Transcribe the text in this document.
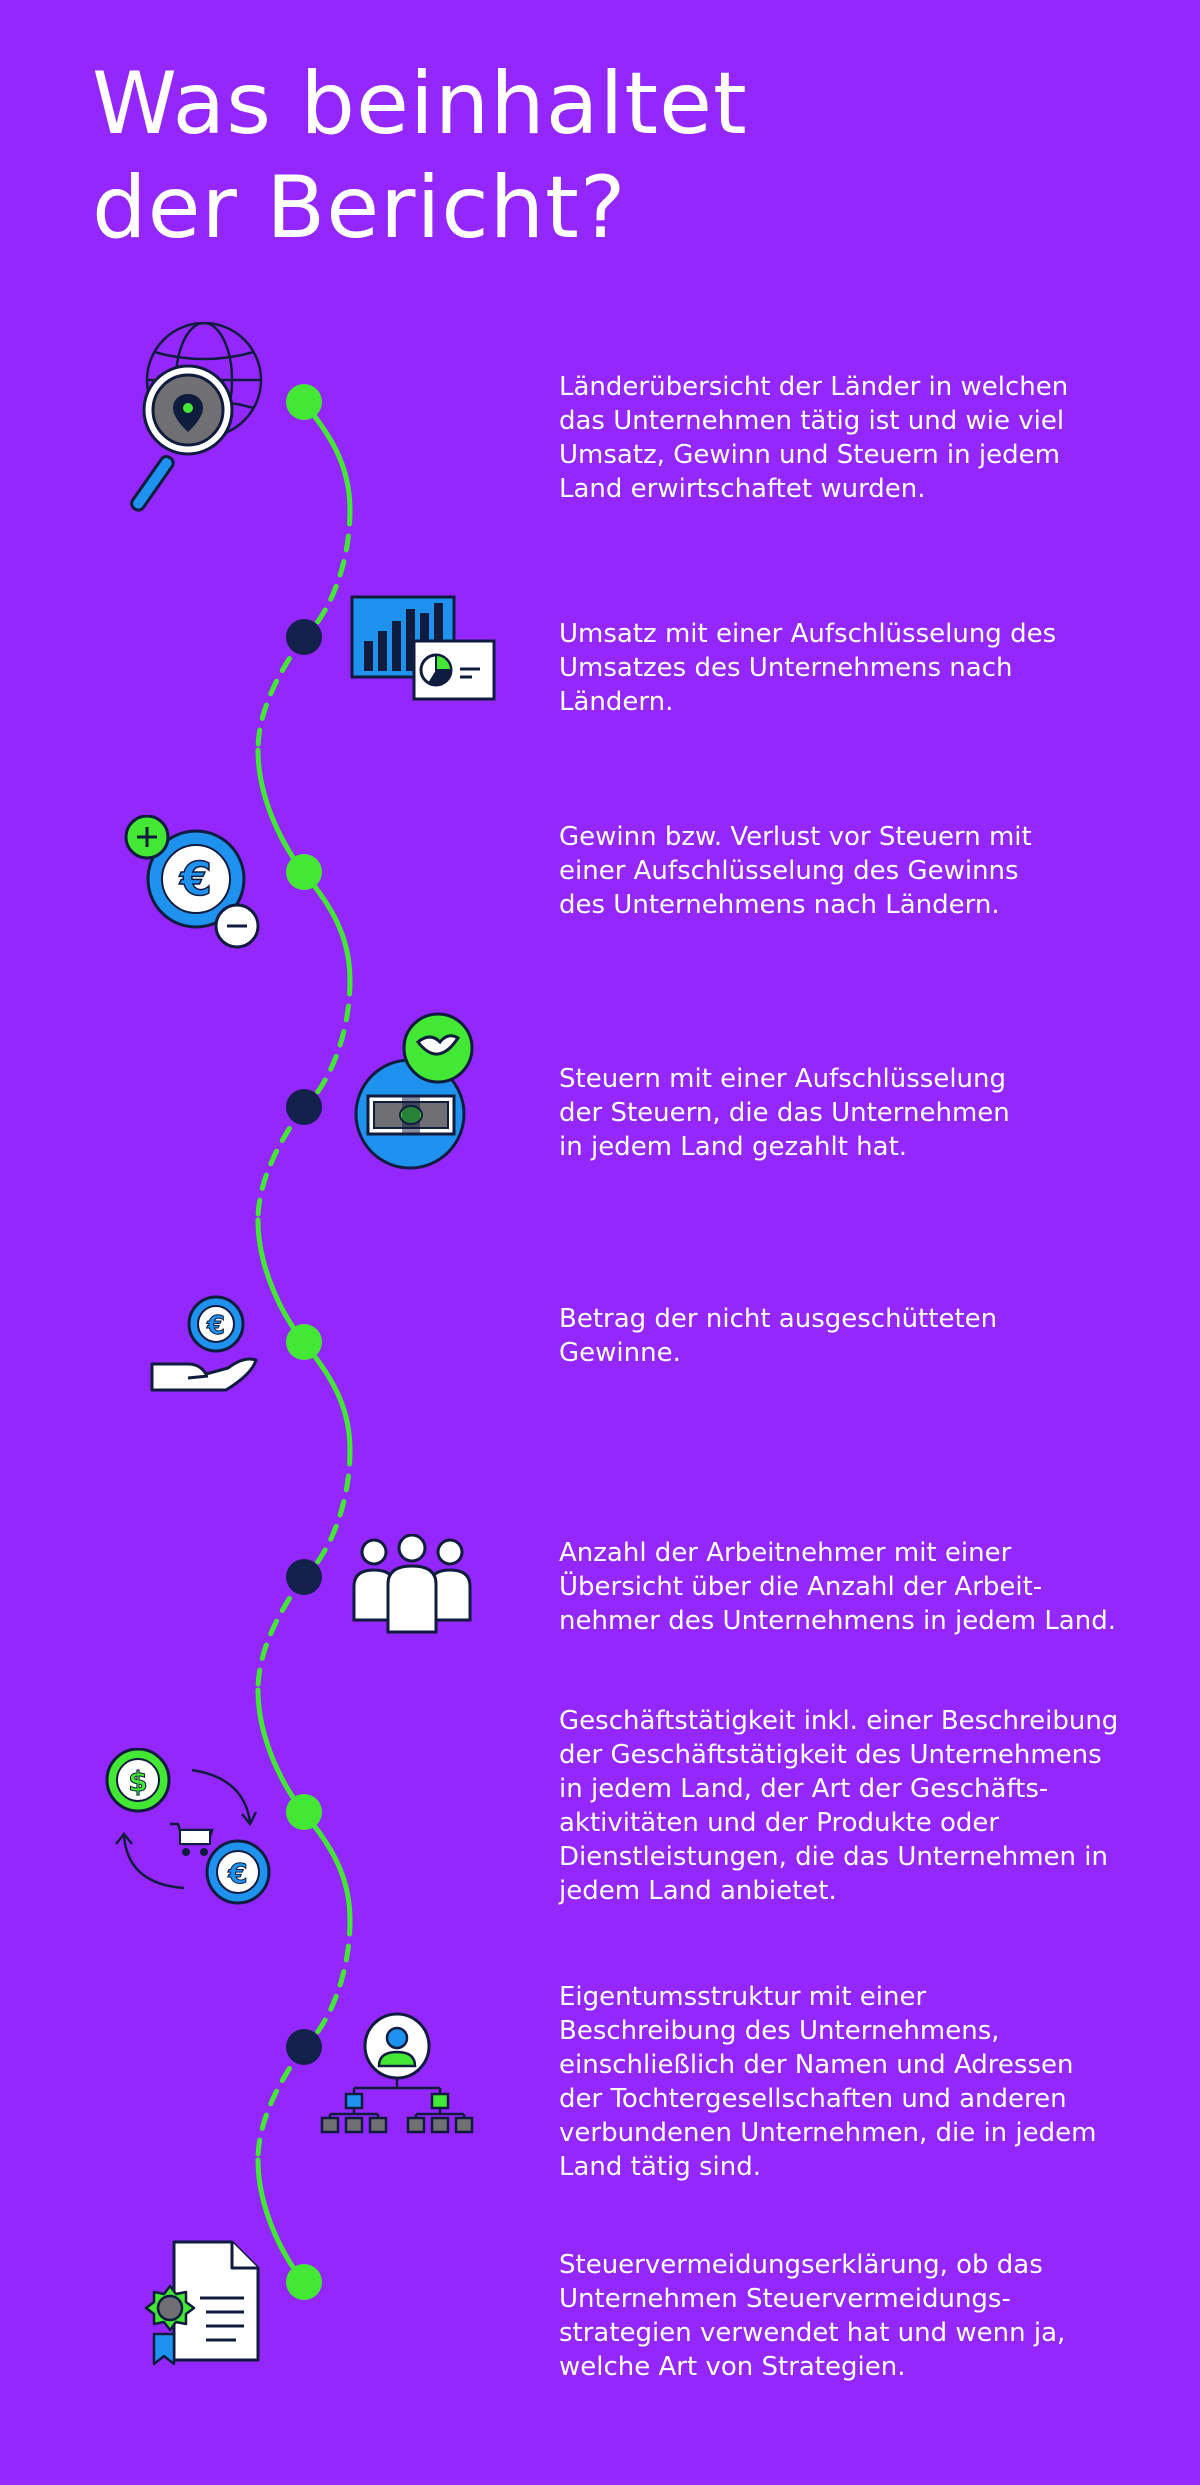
Was beinhaltet
der Bericht?
€
€
$
€

Länderübersicht der Länder in welchen
das Unternehmen tätig ist und wie viel
Umsatz, Gewinn und Steuern in jedem
Land erwirtschaftet wurden.

Umsatz mit einer Aufschlüsselung des
Umsatzes des Unternehmens nach
Ländern.

Gewinn bzw. Verlust vor Steuern mit
einer Aufschlüsselung des Gewinns
des Unternehmens nach Ländern.

Steuern mit einer Aufschlüsselung
der Steuern, die das Unternehmen
in jedem Land gezahlt hat.

Betrag der nicht ausgeschütteten
Gewinne.

Anzahl der Arbeitnehmer mit einer
Übersicht über die Anzahl der Arbeit-
nehmer des Unternehmens in jedem Land.

Geschäftstätigkeit inkl. einer Beschreibung
der Geschäftstätigkeit des Unternehmens
in jedem Land, der Art der Geschäfts-
aktivitäten und der Produkte oder
Dienstleistungen, die das Unternehmen in
jedem Land anbietet.

Eigentumsstruktur mit einer
Beschreibung des Unternehmens,
einschließlich der Namen und Adressen
der Tochtergesellschaften und anderen
verbundenen Unternehmen, die in jedem
Land tätig sind.

Steuervermeidungserklärung, ob das
Unternehmen Steuervermeidungs-
strategien verwendet hat und wenn ja,
welche Art von Strategien.
